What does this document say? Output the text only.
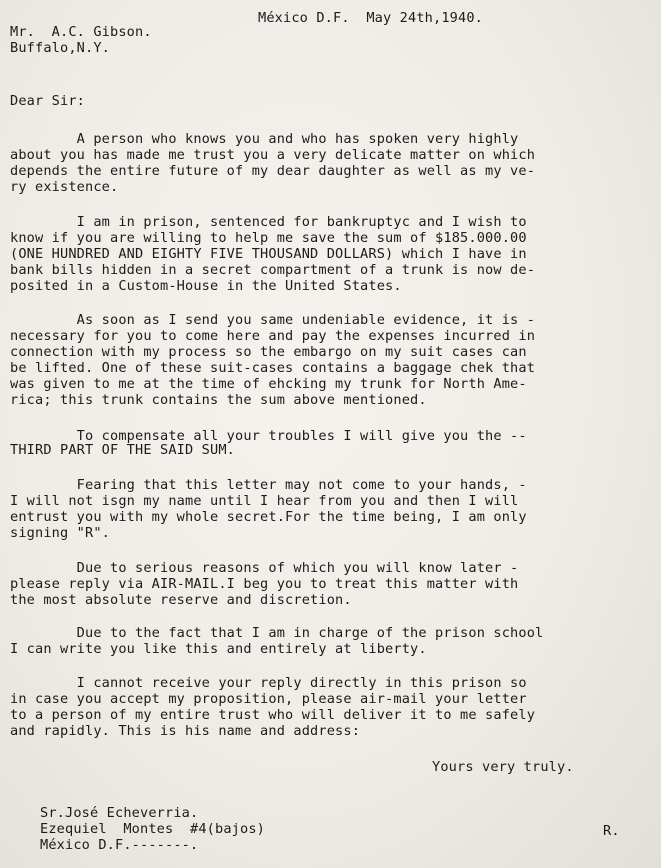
México D.F.  May 24th,1940.
Mr.  A.C. Gibson.
Buffalo,N.Y.
Dear Sir:
A person who knows you and who has spoken very highly
about you has made me trust you a very delicate matter on which
depends the entire future of my dear daughter as well as my ve-
ry existence.
I am in prison, sentenced for bankruptyc and I wish to
know if you are willing to help me save the sum of $185.000.00
(ONE HUNDRED AND EIGHTY FIVE THOUSAND DOLLARS) which I have in
bank bills hidden in a secret compartment of a trunk is now de-
posited in a Custom-House in the United States.
As soon as I send you same undeniable evidence, it is -
necessary for you to come here and pay the expenses incurred in
connection with my process so the embargo on my suit cases can
be lifted. One of these suit-cases contains a baggage chek that
was given to me at the time of ehcking my trunk for North Ame-
rica; this trunk contains the sum above mentioned.
To compensate all your troubles I will give you the --
THIRD PART OF THE SAID SUM.
Fearing that this letter may not come to your hands, -
I will not isgn my name until I hear from you and then I will
entrust you with my whole secret.For the time being, I am only
signing "R".
Due to serious reasons of which you will know later -
please reply via AIR-MAIL.I beg you to treat this matter with
the most absolute reserve and discretion.
Due to the fact that I am in charge of the prison school
I can write you like this and entirely at liberty.
I cannot receive your reply directly in this prison so
in case you accept my proposition, please air-mail your letter
to a person of my entire trust who will deliver it to me safely
and rapidly. This is his name and address:
Yours very truly.
Sr.José Echeverria.
Ezequiel  Montes  #4(bajos)
México D.F.-------.
R.
